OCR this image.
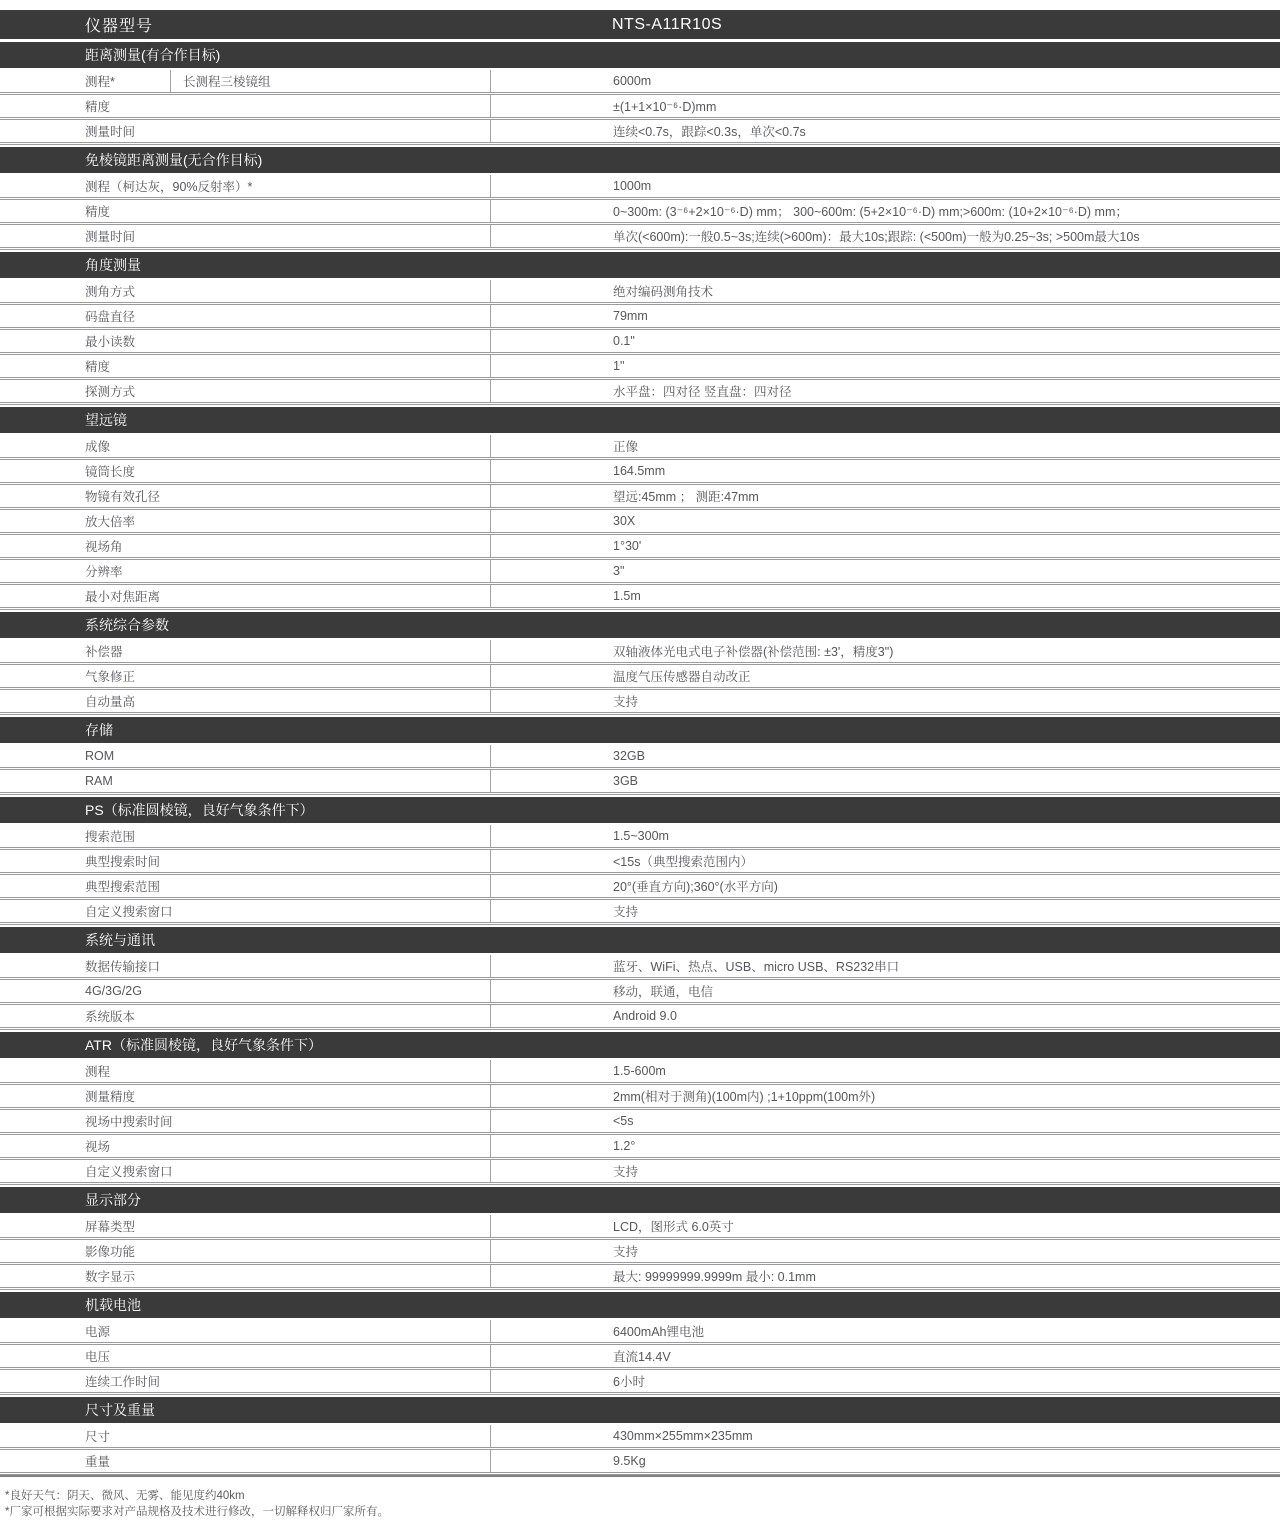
仪器型号	NTS-A11R10S
距离测量(有合作目标)
测程*	长测程三棱镜组	6000m
精度	±(1+1×10⁻⁶·D)mm
测量时间	连续<0.7s，跟踪<0.3s，单次<0.7s
免棱镜距离测量(无合作目标)
测程（柯达灰，90%反射率）*	1000m
精度	0~300m: (3⁻⁶+2×10⁻⁶·D) mm； 300~600m: (5+2×10⁻⁶·D) mm;>600m: (10+2×10⁻⁶·D) mm；
测量时间	单次(<600m):一般0.5~3s;连续(>600m)：最大10s;跟踪: (<500m)一般为0.25~3s; >500m最大10s
角度测量
测角方式	绝对编码测角技术
码盘直径	79mm
最小读数	0.1"
精度	1"
探测方式	水平盘：四对径 竖直盘：四对径
望远镜
成像	正像
镜筒长度	164.5mm
物镜有效孔径	望远:45mm ； 测距:47mm
放大倍率	30X
视场角	1°30'
分辨率	3"
最小对焦距离	1.5m
系统综合参数
补偿器	双轴液体光电式电子补偿器(补偿范围: ±3'，精度3")
气象修正	温度气压传感器自动改正
自动量高	支持
存储
ROM	32GB
RAM	3GB
PS（标准圆棱镜，良好气象条件下）
搜索范围	1.5~300m
典型搜索时间	<15s（典型搜索范围内）
典型搜索范围	20°(垂直方向);360°(水平方向)
自定义搜索窗口	支持
系统与通讯
数据传输接口	蓝牙、WiFi、热点、USB、micro USB、RS232串口
4G/3G/2G	移动，联通，电信
系统版本	Android 9.0
ATR（标准圆棱镜，良好气象条件下）
测程	1.5-600m
测量精度	2mm(相对于测角)(100m内) ;1+10ppm(100m外)
视场中搜索时间	<5s
视场	1.2°
自定义搜索窗口	支持
显示部分
屏幕类型	LCD，图形式 6.0英寸
影像功能	支持
数字显示	最大: 99999999.9999m 最小: 0.1mm
机载电池
电源	6400mAh锂电池
电压	直流14.4V
连续工作时间	6小时
尺寸及重量
尺寸	430mm×255mm×235mm
重量	9.5Kg
*良好天气：阴天、微风、无雾、能见度约40km
*厂家可根据实际要求对产品规格及技术进行修改，一切解释权归厂家所有。
